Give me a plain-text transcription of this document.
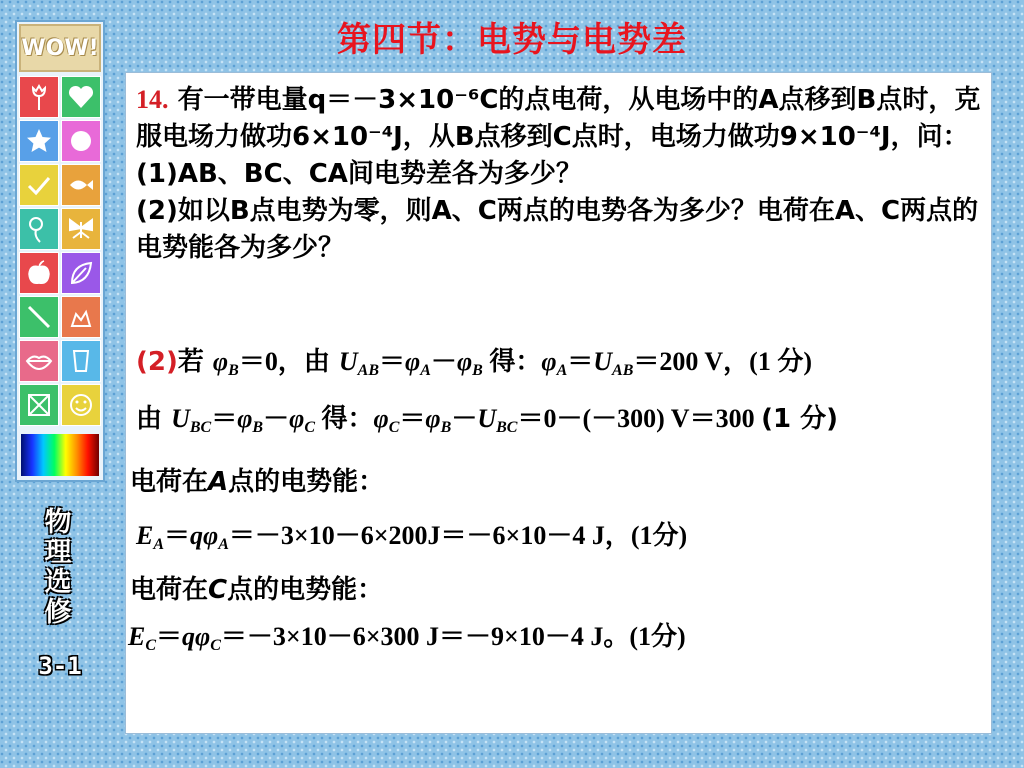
第四节：电势与电势差
WOW!
物理选修
3-1
14. 有一带电量q＝－3×10⁻⁶C的点电荷，从电场中的A点移到B点时，克服电场力做功6×10⁻⁴J，从B点移到C点时，电场力做功9×10⁻⁴J，问：
(1)AB、BC、CA间电势差各为多少？
(2)如以B点电势为零，则A、C两点的电势各为多少？电荷在A、C两点的电势能各为多少？
(2)若 $\varphi_B=0$，由 $U_{AB}=\varphi_A-\varphi_B$ 得：$\varphi_A=U_{AB}=200$ V，(1 分)
由 $U_{BC}=\varphi_B-\varphi_C$ 得：$\varphi_C=\varphi_B-U_{BC}=0-(-300)$ V＝300 (1 分)
电荷在A点的电势能：
$E_A=q\varphi_A=-3\times 10-6\times 200J=-6\times 10-4$ J，(1分)
电荷在C点的电势能：
$E_C=q\varphi_C=-3\times 10-6\times 300$ J＝－9×10－4 J。(1分)
